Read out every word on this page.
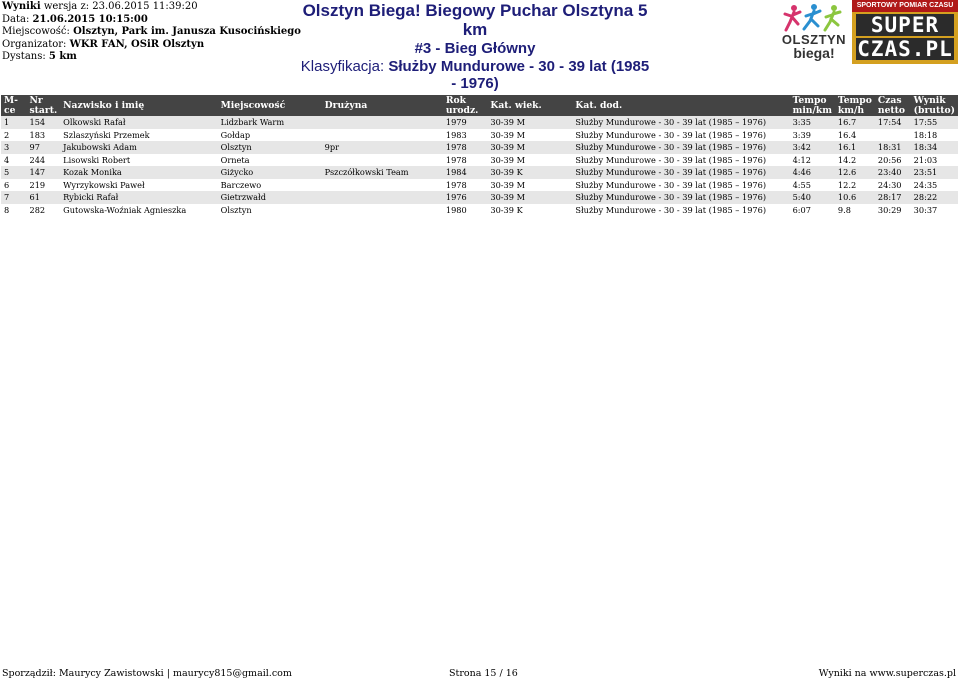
Wyniki wersja z: 23.06.2015 11:39:20
Data: 21.06.2015 10:15:00
Miejscowość: Olsztyn, Park im. Janusza Kusocińskiego
Organizator: WKR FAN, OSiR Olsztyn
Dystans: 5 km
Olsztyn Biega! Biegowy Puchar Olsztyna 5 km
#3 - Bieg Główny
Klasyfikacja: Służby Mundurowe - 30 - 39 lat (1985 - 1976)
OLSZTYN
biega!
SPORTOWY POMIAR CZASU
SUPER
CZAS.PL
M-ce	Nr start.	Nazwisko i imię	Miejscowość	Drużyna	Rok urodz.	Kat. wiek.	Kat. dod.	Tempo min/km	Tempo km/h	Czas netto	Wynik (brutto)
1	154	Olkowski Rafał	Lidzbark Warm		1979	30-39 M	Służby Mundurowe - 30 - 39 lat (1985 – 1976)	3:35	16.7	17:54	17:55
2	183	Szlaszyński Przemek	Gołdap		1983	30-39 M	Służby Mundurowe - 30 - 39 lat (1985 – 1976)	3:39	16.4		18:18
3	97	Jakubowski Adam	Olsztyn	9pr	1978	30-39 M	Służby Mundurowe - 30 - 39 lat (1985 – 1976)	3:42	16.1	18:31	18:34
4	244	Lisowski Robert	Orneta		1978	30-39 M	Służby Mundurowe - 30 - 39 lat (1985 – 1976)	4:12	14.2	20:56	21:03
5	147	Kozak Monika	Giżycko	Pszczółkowski Team	1984	30-39 K	Służby Mundurowe - 30 - 39 lat (1985 – 1976)	4:46	12.6	23:40	23:51
6	219	Wyrzykowski Paweł	Barczewo		1978	30-39 M	Służby Mundurowe - 30 - 39 lat (1985 – 1976)	4:55	12.2	24:30	24:35
7	61	Rybicki Rafał	Gietrzwałd		1976	30-39 M	Służby Mundurowe - 30 - 39 lat (1985 – 1976)	5:40	10.6	28:17	28:22
8	282	Gutowska-Woźniak Agnieszka	Olsztyn		1980	30-39 K	Służby Mundurowe - 30 - 39 lat (1985 – 1976)	6:07	9.8	30:29	30:37
Sporządził: Maurycy Zawistowski | maurycy815@gmail.com	Strona 15 / 16	Wyniki na www.superczas.pl
